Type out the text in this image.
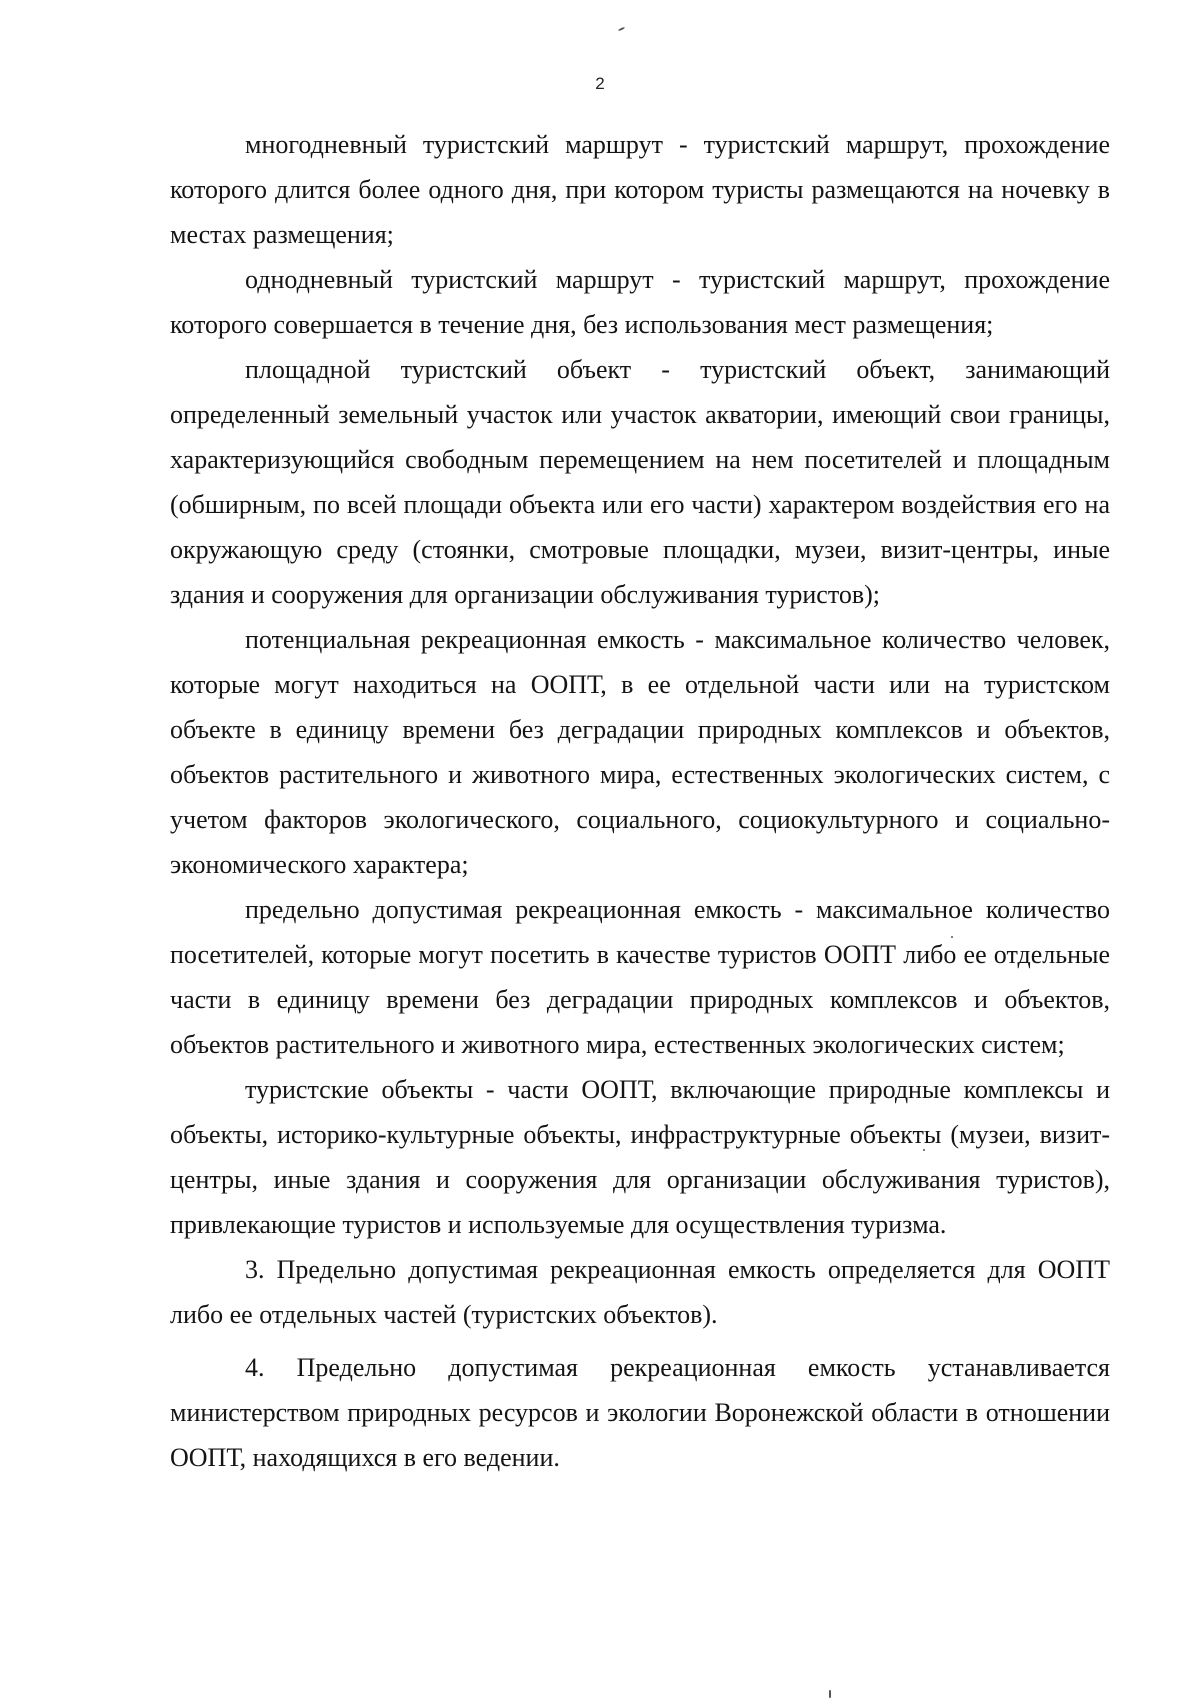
2

многодневный туристский маршрут - туристский маршрут, прохождение которого длится более одного дня, при котором туристы размещаются на ночевку в местах размещения;

однодневный туристский маршрут - туристский маршрут, прохождение которого совершается в течение дня, без использования мест размещения;

площадной туристский объект - туристский объект, занимающий определенный земельный участок или участок акватории, имеющий свои границы, характеризующийся свободным перемещением на нем посетителей и площадным (обширным, по всей площади объекта или его части) характером воздействия его на окружающую среду (стоянки, смотровые площадки, музеи, визит-центры, иные здания и сооружения для организации обслуживания туристов);

потенциальная рекреационная емкость - максимальное количество человек, которые могут находиться на ООПТ, в ее отдельной части или на туристском объекте в единицу времени без деградации природных комплексов и объектов, объектов растительного и животного мира, естественных экологических систем, с учетом факторов экологического, социального, социокультурного и социально-экономического характера;

предельно допустимая рекреационная емкость - максимальное количество посетителей, которые могут посетить в качестве туристов ООПТ либо ее отдельные части в единицу времени без деградации природных комплексов и объектов, объектов растительного и животного мира, естественных экологических систем;

туристские объекты - части ООПТ, включающие природные комплексы и объекты, историко-культурные объекты, инфраструктурные объекты (музеи, визит-центры, иные здания и сооружения для организации обслуживания туристов), привлекающие туристов и используемые для осуществления туризма.

3. Предельно допустимая рекреационная емкость определяется для ООПТ либо ее отдельных частей (туристских объектов).

4. Предельно допустимая рекреационная емкость устанавливается министерством природных ресурсов и экологии Воронежской области в отношении ООПТ, находящихся в его ведении.
